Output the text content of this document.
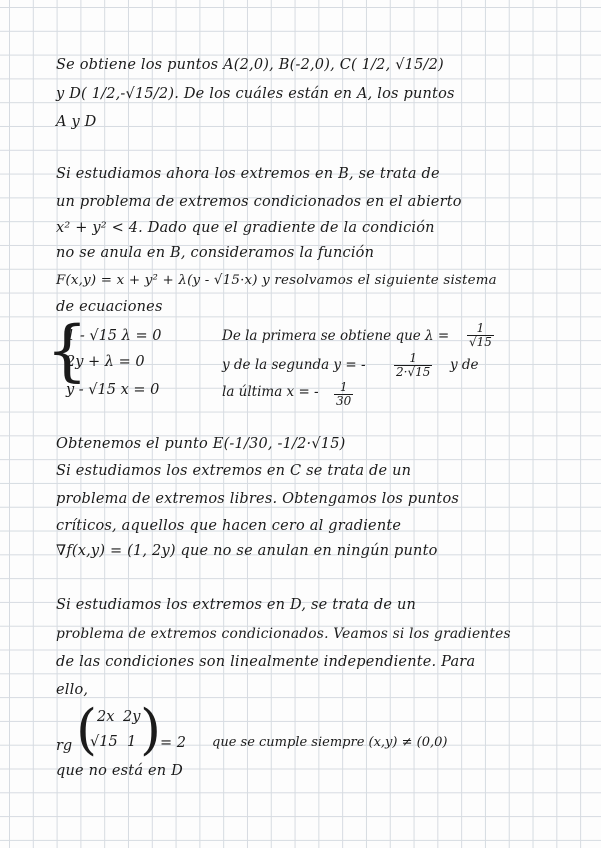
Se obtiene los puntos A(2,0), B(-2,0), C( 1/2, √15/2)
y D( 1/2,-√15/2). De los cuáles están en A, los puntos
A y D
Si estudiamos ahora los extremos en B, se trata de
un problema de extremos condicionados en el abierto
x² + y² < 4. Dado que el gradiente de la condición
no se anula en B, consideramos la función
F(x,y) = x + y² + λ(y - √15·x) y resolvamos el siguiente sistema
de ecuaciones
{
1 - √15 λ = 0
2y + λ = 0
y - √15 x = 0
De la primera se obtiene que $\lambda = \frac{1}{√15}$
y de la segunda y = - $\frac{1}{2\cdot√15}$ y de
la última x = - $\frac{1}{30}$
Obtenemos el punto E(-1/30, -1/2·√15)
Si estudiamos los extremos en C se trata de un
problema de extremos libres. Obtengamos los puntos
críticos, aquellos que hacen cero al gradiente
∇f(x,y) = (1, 2y) que no se anulan en ningún punto
Si estudiamos los extremos en D, se trata de un
problema de extremos condicionados. Veamos si los gradientes
de las condiciones son linealmente independiente. Para
ello,
rg ( 2x 2y
√15 1 )
= 2 que se cumple siempre (x,y) ≠ (0,0)
que no está en D
